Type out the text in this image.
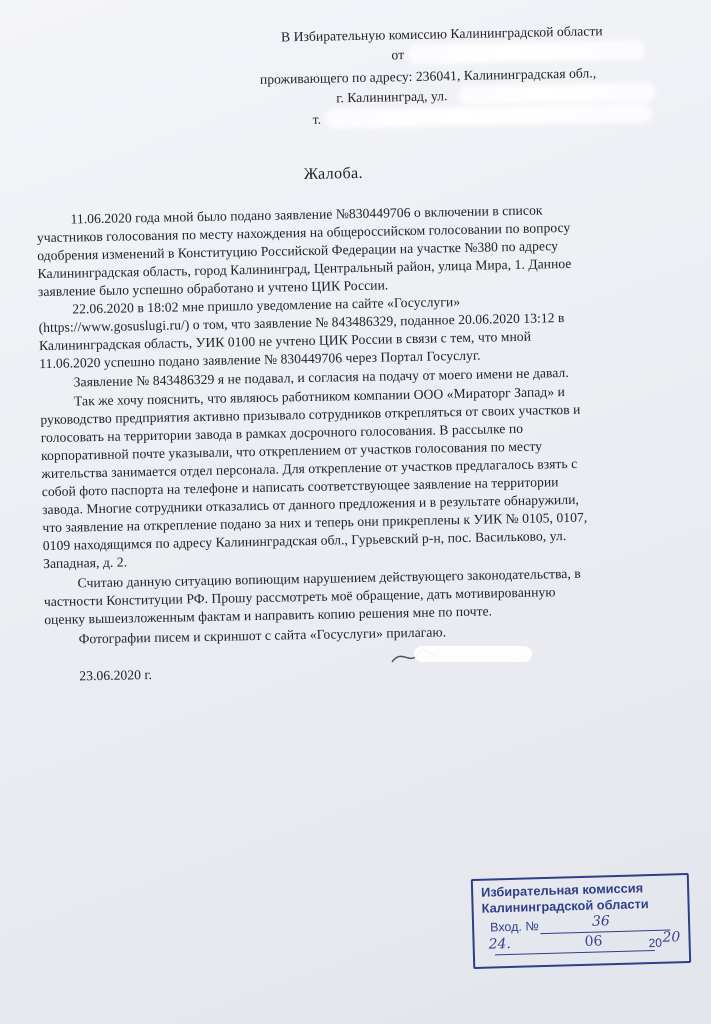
В Избирательную комиссию Калининградской области
от
проживающего по адресу: 236041, Калининградская обл.,
г. Калининград, ул.
т.
Жалоба.
11.06.2020 года мной было подано заявление №830449706 о включении в список
участников голосования по месту нахождения на общероссийском голосовании по вопросу
одобрения изменений в Конституцию Российской Федерации на участке №380 по адресу
Калининградская область, город Калининград, Центральный район, улица Мира, 1. Данное
заявление было успешно обработано и учтено ЦИК России.
22.06.2020 в 18:02 мне пришло уведомление на сайте «Госуслуги»
(https://www.gosuslugi.ru/) о том, что заявление № 843486329, поданное 20.06.2020 13:12 в
Калининградская область, УИК 0100 не учтено ЦИК России в связи с тем, что мной
11.06.2020 успешно подано заявление № 830449706 через Портал Госуслуг.
Заявление № 843486329 я не подавал, и согласия на подачу от моего имени не давал.
Так же хочу пояснить, что являюсь работником компании ООО «Мираторг Запад» и
руководство предприятия активно призывало сотрудников открепляться от своих участков и
голосовать на территории завода в рамках досрочного голосования. В рассылке по
корпоративной почте указывали, что откреплением от участков голосования по месту
жительства занимается отдел персонала. Для открепление от участков предлагалось взять с
собой фото паспорта на телефоне и написать соответствующее заявление на территории
завода. Многие сотрудники отказались от данного предложения и в результате обнаружили,
что заявление на открепление подано за них и теперь они прикреплены к УИК № 0105, 0107,
0109 находящимся по адресу Калининградская обл., Гурьевский р-н, пос. Васильково, ул.
Западная, д. 2.
Считаю данную ситуацию вопиющим нарушением действующего законодательства, в
частности Конституции РФ. Прошу рассмотреть моё обращение, дать мотивированную
оценку вышеизложенным фактам и направить копию решения мне по почте.
Фотографии писем и скриншот с сайта «Госуслуги» прилагаю.
23.06.2020 г.
Избирательная комиссия
Калининградской области
Вход. №	36
24.	06	20 20
